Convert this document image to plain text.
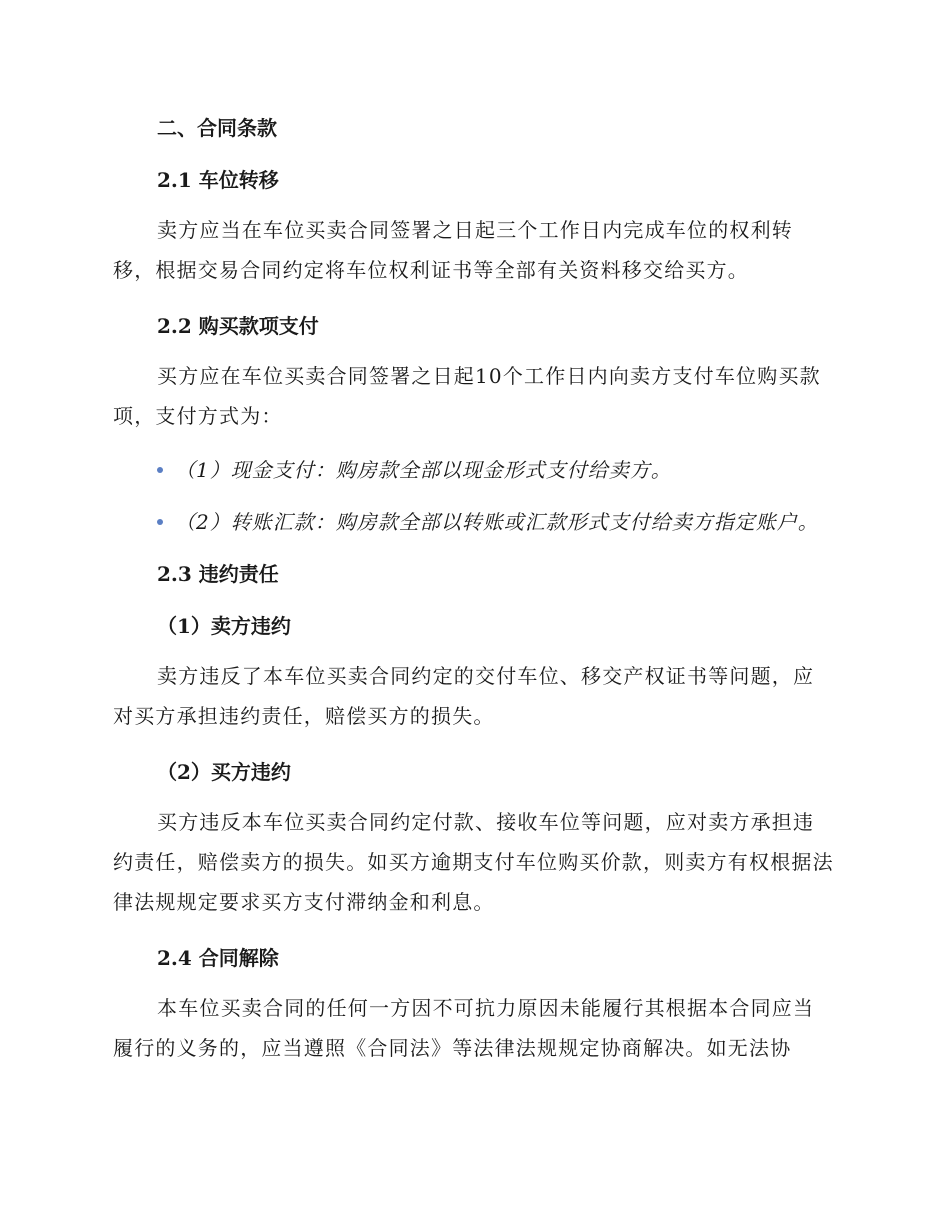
二、合同条款
2.1 车位转移

卖方应当在车位买卖合同签署之日起三个工作日内完成车位的权利转移，根据交易合同约定将车位权利证书等全部有关资料移交给买方。

2.2 购买款项支付

买方应在车位买卖合同签署之日起10个工作日内向卖方支付车位购买款项，支付方式为：

（1）现金支付：购房款全部以现金形式支付给卖方。
（2）转账汇款：购房款全部以转账或汇款形式支付给卖方指定账户。
2.3 违约责任
（1）卖方违约

卖方违反了本车位买卖合同约定的交付车位、移交产权证书等问题，应对买方承担违约责任，赔偿买方的损失。

（2）买方违约

买方违反本车位买卖合同约定付款、接收车位等问题，应对卖方承担违约责任，赔偿卖方的损失。如买方逾期支付车位购买价款，则卖方有权根据法律法规规定要求买方支付滞纳金和利息。

2.4 合同解除

本车位买卖合同的任何一方因不可抗力原因未能履行其根据本合同应当履行的义务的，应当遵照《合同法》等法律法规规定协商解决。如无法协
